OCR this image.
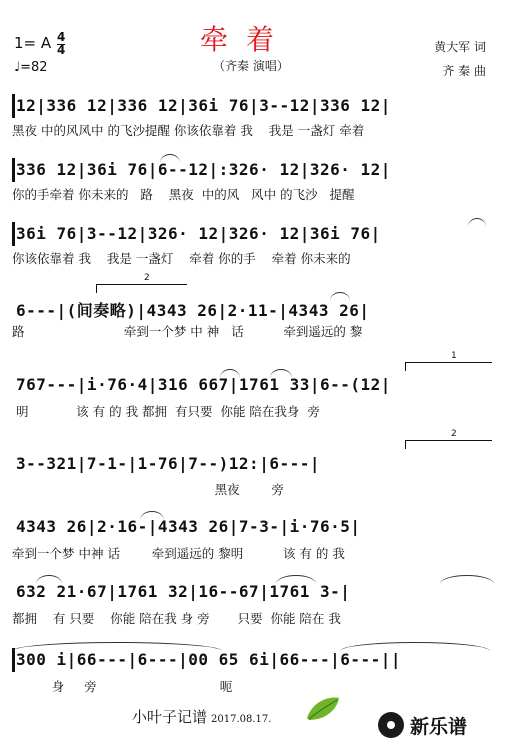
牵着
（齐秦 演唱）
1= A 4
4
♩=82
黄大军 词
齐 秦 曲
12|336 12|336 12|36i 76|3--12|336 12|
黑夜 中的风风中 的飞沙提醒 你该依靠着 我    我是 一盏灯 牵着
336 12|36i 76|6--12|:326· 12|326· 12|
你的手牵着 你未来的   路    黑夜  中的风   风中 的飞沙   提醒
36i 76|3--12|326· 12|326· 12|36i 76|
你该依靠着 我    我是 一盏灯    牵着 你的手    牵着 你未来的
2
6---|(间奏略)|4343 26|2·11-|4343 26|
路                         牵到一个梦 中 神   话          牵到遥远的 黎
1
767---|i·76·4|316 667|1761 33|6--(12|
明            该 有 的 我 都拥  有只要  你能 陪在我身  旁
2
3--321|7-1-|1-76|7--)12:|6---|
黑夜        旁
4343 26|2·16-|4343 26|7-3-|i·76·5|
牵到一个梦 中神 话        牵到遥远的 黎明          该 有 的 我
632 21·67|1761 32|16--67|1761 3-|
都拥    有 只要    你能 陪在我 身 旁       只要  你能 陪在 我
300 i|66---|6---|00 65 6i|66---|6---||
身     旁                               呃
小叶子记谱 2017.08.17.	新乐谱
